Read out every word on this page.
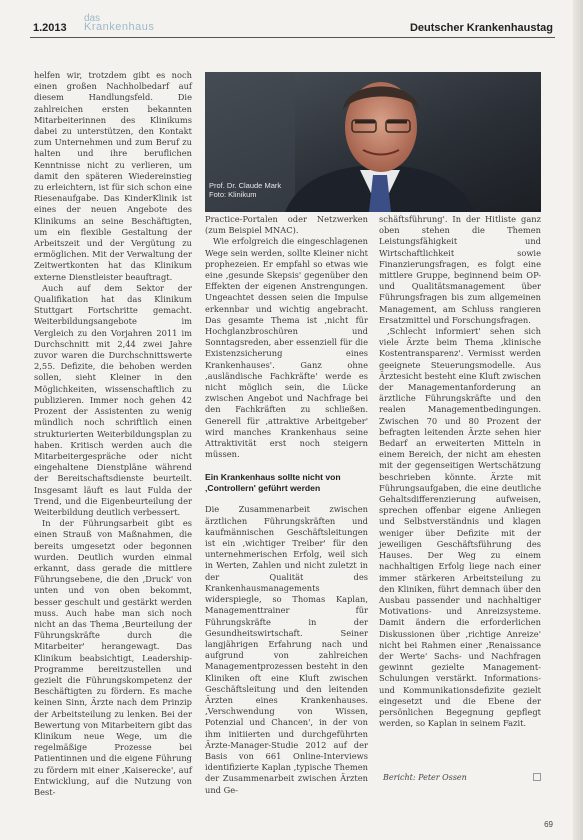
1.2013
das
Krankenhaus	Deutscher Krankenhaustag
Prof. Dr. Claude Mark
Foto: Klinikum

helfen wir, trotzdem gibt es noch einen großen Nachholbedarf auf diesem Handlungsfeld. Die zahlreichen ersten bekannten Mitarbeiterinnen des Klinikums dabei zu unterstützen, den Kontakt zum Unternehmen und zum Beruf zu halten und ihre beruflichen Kenntnisse nicht zu verlieren, um damit den späteren Wiedereinstieg zu erleichtern, ist für sich schon eine Riesenaufgabe. Das KinderKlinik ist eines der neuen Angebote des Klinikums an seine Beschäftigten, um ein flexible Gestaltung der Arbeitszeit und der Vergütung zu ermöglichen. Mit der Verwaltung der Zeitwertkonten hat das Klinikum externe Dienstleister beauftragt.

Auch auf dem Sektor der Qualifikation hat das Klinikum Stuttgart Fortschritte gemacht. Weiterbildungsangebote im Vergleich zu den Vorjahren 2011 im Durchschnitt mit 2,44 zwei Jahre zuvor waren die Durchschnittswerte 2,55. Defizite, die behoben werden sollen, sieht Kleiner in den Möglichkeiten, wissenschaftlich zu publizieren. Immer noch gehen 42 Prozent der Assistenten zu wenig mündlich noch schriftlich einen strukturierten Weiterbildungsplan zu haben. Kritisch werden auch die Mitarbeitergespräche oder nicht eingehaltene Dienstpläne während der Bereitschaftsdienste beurteilt. Insgesamt läuft es laut Fulda der Trend, und die Eigenbeurteilung der Weiterbildung deutlich verbessert.

In der Führungsarbeit gibt es einen Strauß von Maßnahmen, die bereits umgesetzt oder begonnen wurden. Deutlich wurden einmal erkannt, dass gerade die mittlere Führungsebene, die den ‚Druck' von unten und von oben bekommt, besser geschult und gestärkt werden muss. Auch habe man sich noch nicht an das Thema ‚Beurteilung der Führungskräfte durch die Mitarbeiter' herangewagt. Das Klinikum beabsichtigt, Leadership-Programme bereitzustellen und gezielt die Führungskompetenz der Beschäftigten zu fördern. Es mache keinen Sinn, Ärzte nach dem Prinzip der Arbeitsteilung zu lenken. Bei der Bewertung von Mitarbeitern gibt das Klinikum neue Wege, um die regelmäßige Prozesse bei Patientinnen und die eigene Führung zu fördern mit einer ‚Kaiserecke', auf Entwicklung, auf die Nutzung von Best-

Practice-Portalen oder Netzwerken (zum Beispiel MNAC).

Wie erfolgreich die eingeschlagenen Wege sein werden, sollte Kleiner nicht prophezeien. Er empfahl so etwas wie eine ‚gesunde Skepsis' gegenüber den Effekten der eigenen Anstrengungen. Ungeachtet dessen seien die Impulse erkennbar und wichtig angebracht. Das gesamte Thema ist ‚nicht für Hochglanzbroschüren und Sonntagsreden, aber essenziell für die Existenzsicherung eines Krankenhauses'. Ganz ohne ‚ausländische Fachkräfte' werde es nicht möglich sein, die Lücke zwischen Angebot und Nachfrage bei den Fachkräften zu schließen. Generell für ‚attraktive Arbeitgeber' wird manches Krankenhaus seine Attraktivität erst noch steigern müssen.

Ein Krankenhaus sollte nicht von
‚Controllern' geführt werden

Die Zusammenarbeit zwischen ärztlichen Führungskräften und kaufmännischen Geschäftsleitungen ist ein ‚wichtiger Treiber' für den unternehmerischen Erfolg, weil sich in Werten, Zahlen und nicht zuletzt in der Qualität des Krankenhausmanagements widerspiegle, so Thomas Kaplan, Managementtrainer für Führungskräfte in der Gesundheitswirtschaft. Seiner langjährigen Erfahrung nach und aufgrund von zahlreichen Managementprozessen besteht in den Kliniken oft eine Kluft zwischen Geschäftsleitung und den leitenden Ärzten eines Krankenhauses. ‚Verschwendung von Wissen, Potenzial und Chancen', in der von ihm initiierten und durchgeführten Ärzte-Manager-Studie 2012 auf der Basis von 661 Online-Interviews identifizierte Kaplan ‚typische Themen der Zusammenarbeit zwischen Ärzten und Ge-

schäftsführung'. In der Hitliste ganz oben stehen die Themen Leistungsfähigkeit und Wirtschaftlichkeit sowie Finanzierungsfragen, es folgt eine mittlere Gruppe, beginnend beim OP- und Qualitätsmanagement über Führungsfragen bis zum allgemeinen Management, am Schluss rangieren Ersatzmittel und Forschungsfragen.

‚Schlecht informiert' sehen sich viele Ärzte beim Thema ‚klinische Kostentransparenz'. Vermisst werden geeignete Steuerungsmodelle. Aus Ärztesicht besteht eine Kluft zwischen der Managementanforderung an ärztliche Führungskräfte und den realen Managementbedingungen. Zwischen 70 und 80 Prozent der befragten leitenden Ärzte sehen hier Bedarf an erweiterten Mitteln in einem Bereich, der nicht am ehesten mit der gegenseitigen Wertschätzung beschrieben könnte. Ärzte mit Führungsaufgaben, die eine deutliche Gehaltsdifferenzierung aufweisen, sprechen offenbar eigene Anliegen und Selbstverständnis und klagen weniger über Defizite mit der jeweiligen Geschäftsführung des Hauses. Der Weg zu einem nachhaltigen Erfolg liege nach einer immer stärkeren Arbeitsteilung zu den Kliniken, führt demnach über den Ausbau passender und nachhaltiger Motivations- und Anreizsysteme. Damit ändern die erforderlichen Diskussionen über ‚richtige Anreize' nicht bei Rahmen einer ‚Renaissance der Werte' Sachs- und Nachfragen gewinnt gezielte Management-Schulungen verstärkt. Informations- und Kommunikationsdefizite gezielt eingesetzt und die Ebene der persönlichen Begegnung gepflegt werden, so Kaplan in seinem Fazit.

Bericht: Peter Ossen
69
